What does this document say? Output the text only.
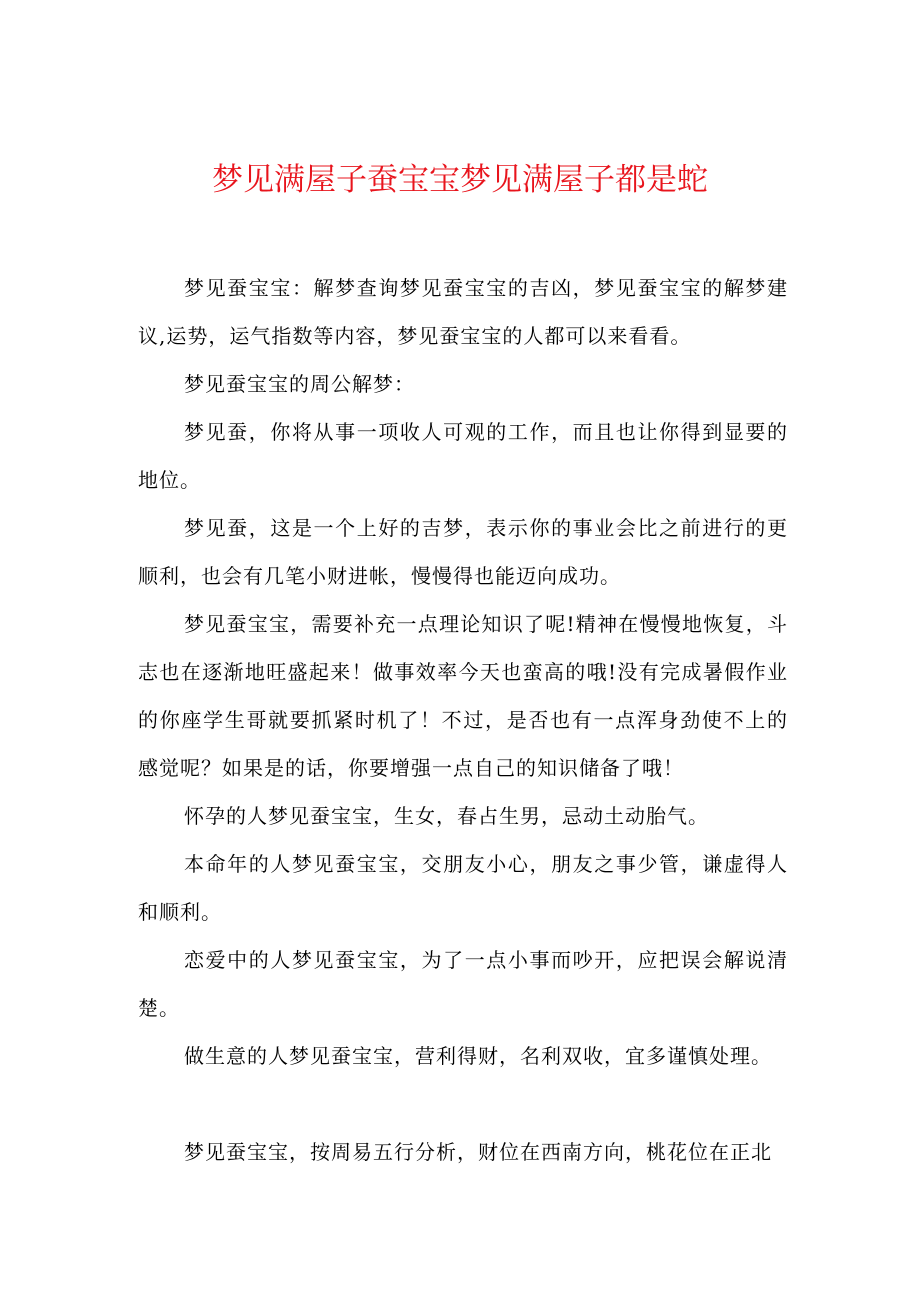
梦见满屋子蚕宝宝梦见满屋子都是蛇

梦见蚕宝宝：解梦查询梦见蚕宝宝的吉凶，梦见蚕宝宝的解梦建议,运势，运气指数等内容，梦见蚕宝宝的人都可以来看看。

梦见蚕宝宝的周公解梦：

梦见蚕，你将从事一项收人可观的工作，而且也让你得到显要的地位。

梦见蚕，这是一个上好的吉梦，表示你的事业会比之前进行的更顺利，也会有几笔小财进帐，慢慢得也能迈向成功。

梦见蚕宝宝，需要补充一点理论知识了呢!精神在慢慢地恢复，斗志也在逐渐地旺盛起来！做事效率今天也蛮高的哦!没有完成暑假作业的你座学生哥就要抓紧时机了！不过，是否也有一点浑身劲使不上的感觉呢？如果是的话，你要增强一点自己的知识储备了哦！

怀孕的人梦见蚕宝宝，生女，春占生男，忌动土动胎气。

本命年的人梦见蚕宝宝，交朋友小心，朋友之事少管，谦虚得人和顺利。

恋爱中的人梦见蚕宝宝，为了一点小事而吵开，应把误会解说清楚。

做生意的人梦见蚕宝宝，营利得财，名利双收，宜多谨慎处理。

梦见蚕宝宝，按周易五行分析，财位在西南方向，桃花位在正北
